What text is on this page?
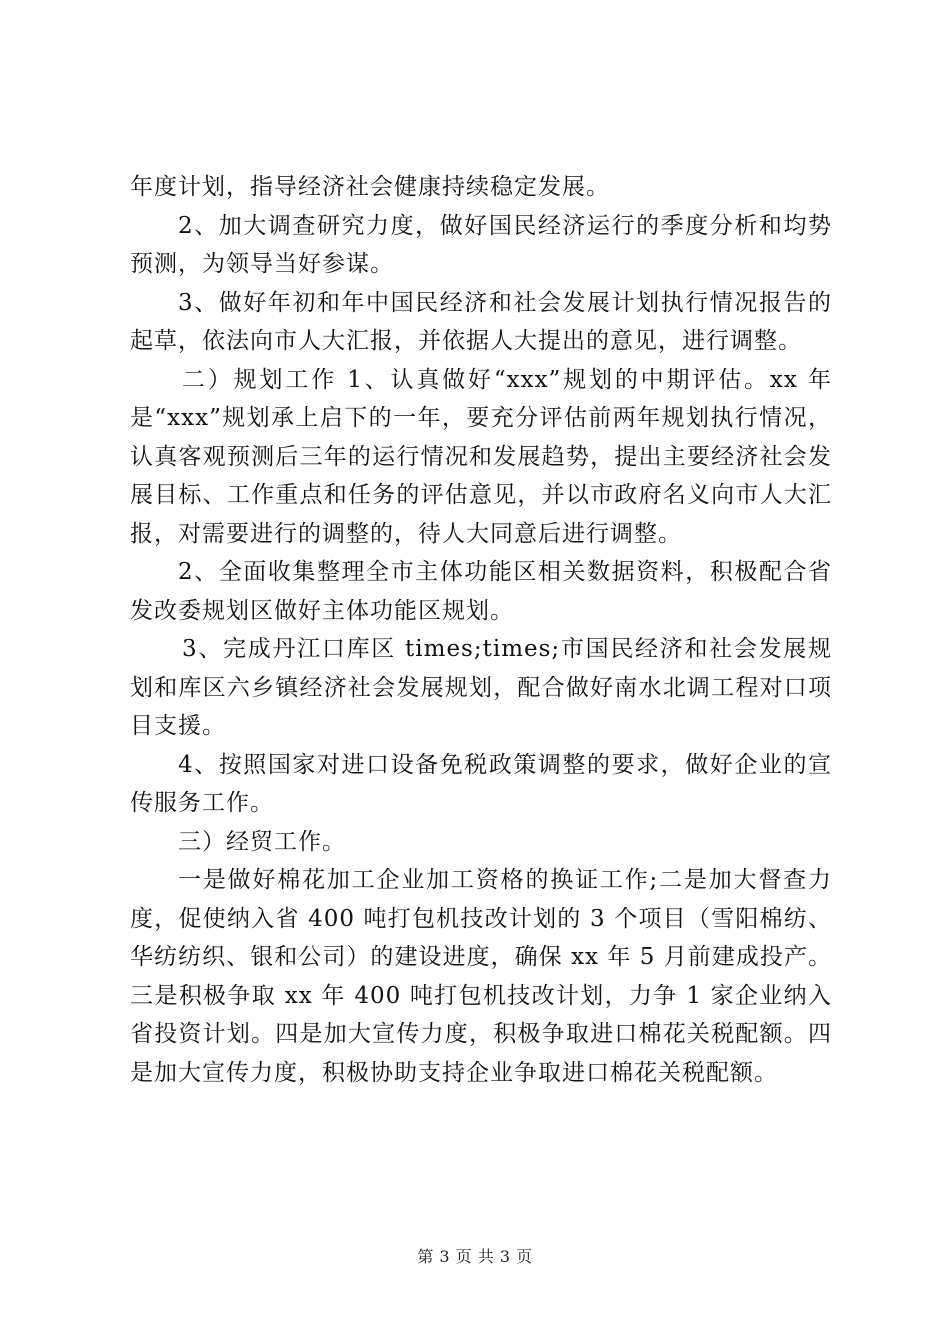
年度计划，指导经济社会健康持续稳定发展。

2、加大调查研究力度，做好国民经济运行的季度分析和均势预测，为领导当好参谋。

3、做好年初和年中国民经济和社会发展计划执行情况报告的起草，依法向市人大汇报，并依据人大提出的意见，进行调整。

二）规划工作 1、认真做好“xxx”规划的中期评估。xx 年是“xxx”规划承上启下的一年，要充分评估前两年规划执行情况，认真客观预测后三年的运行情况和发展趋势，提出主要经济社会发展目标、工作重点和任务的评估意见，并以市政府名义向市人大汇报，对需要进行的调整的，待人大同意后进行调整。

2、全面收集整理全市主体功能区相关数据资料，积极配合省发改委规划区做好主体功能区规划。

3、完成丹江口库区 times;times;市国民经济和社会发展规划和库区六乡镇经济社会发展规划，配合做好南水北调工程对口项目支援。

4、按照国家对进口设备免税政策调整的要求，做好企业的宣传服务工作。

三）经贸工作。

一是做好棉花加工企业加工资格的换证工作;二是加大督查力度，促使纳入省 400 吨打包机技改计划的 3 个项目（雪阳棉纺、华纺纺织、银和公司）的建设进度，确保 xx 年 5 月前建成投产。三是积极争取 xx 年 400 吨打包机技改计划，力争 1 家企业纳入省投资计划。四是加大宣传力度，积极争取进口棉花关税配额。四是加大宣传力度，积极协助支持企业争取进口棉花关税配额。

第 3 页 共 3 页
